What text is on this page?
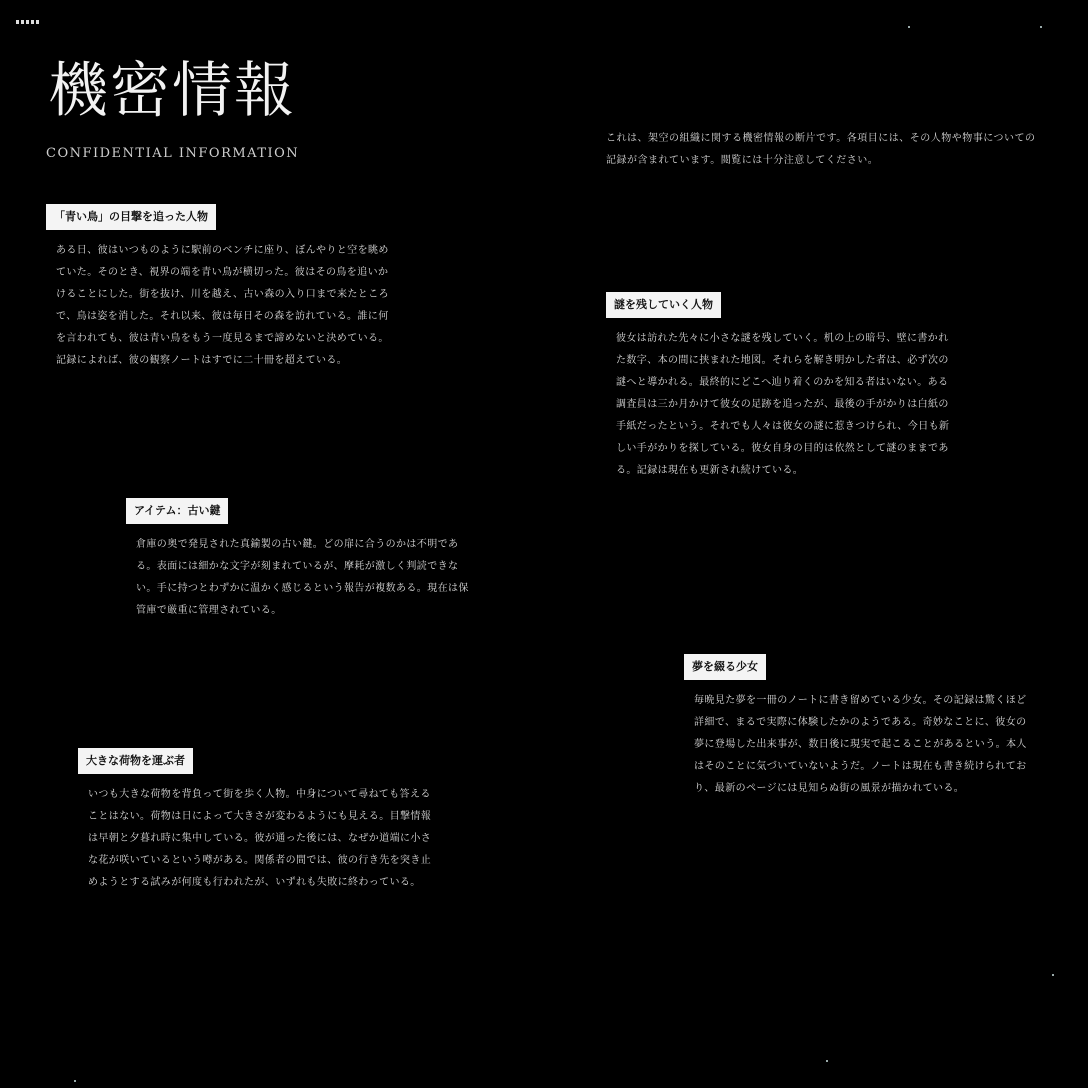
機密情報
CONFIDENTIAL INFORMATION

これは、架空の組織に関する機密情報の断片です。各項目には、その人物や物事についての記録が含まれています。閲覧には十分注意してください。

「青い鳥」の目撃を追った人物

ある日、彼はいつものように駅前のベンチに座り、ぼんやりと空を眺めていた。そのとき、視界の端を青い鳥が横切った。彼はその鳥を追いかけることにした。街を抜け、川を越え、古い森の入り口まで来たところで、鳥は姿を消した。それ以来、彼は毎日その森を訪れている。誰に何を言われても、彼は青い鳥をもう一度見るまで諦めないと決めている。記録によれば、彼の観察ノートはすでに二十冊を超えている。

アイテム：古い鍵

倉庫の奥で発見された真鍮製の古い鍵。どの扉に合うのかは不明である。表面には細かな文字が刻まれているが、摩耗が激しく判読できない。手に持つとわずかに温かく感じるという報告が複数ある。現在は保管庫で厳重に管理されている。

大きな荷物を運ぶ者

いつも大きな荷物を背負って街を歩く人物。中身について尋ねても答えることはない。荷物は日によって大きさが変わるようにも見える。目撃情報は早朝と夕暮れ時に集中している。彼が通った後には、なぜか道端に小さな花が咲いているという噂がある。関係者の間では、彼の行き先を突き止めようとする試みが何度も行われたが、いずれも失敗に終わっている。

謎を残していく人物

彼女は訪れた先々に小さな謎を残していく。机の上の暗号、壁に書かれた数字、本の間に挟まれた地図。それらを解き明かした者は、必ず次の謎へと導かれる。最終的にどこへ辿り着くのかを知る者はいない。ある調査員は三か月かけて彼女の足跡を追ったが、最後の手がかりは白紙の手紙だったという。それでも人々は彼女の謎に惹きつけられ、今日も新しい手がかりを探している。彼女自身の目的は依然として謎のままである。記録は現在も更新され続けている。

夢を綴る少女

毎晩見た夢を一冊のノートに書き留めている少女。その記録は驚くほど詳細で、まるで実際に体験したかのようである。奇妙なことに、彼女の夢に登場した出来事が、数日後に現実で起こることがあるという。本人はそのことに気づいていないようだ。ノートは現在も書き続けられており、最新のページには見知らぬ街の風景が描かれている。
